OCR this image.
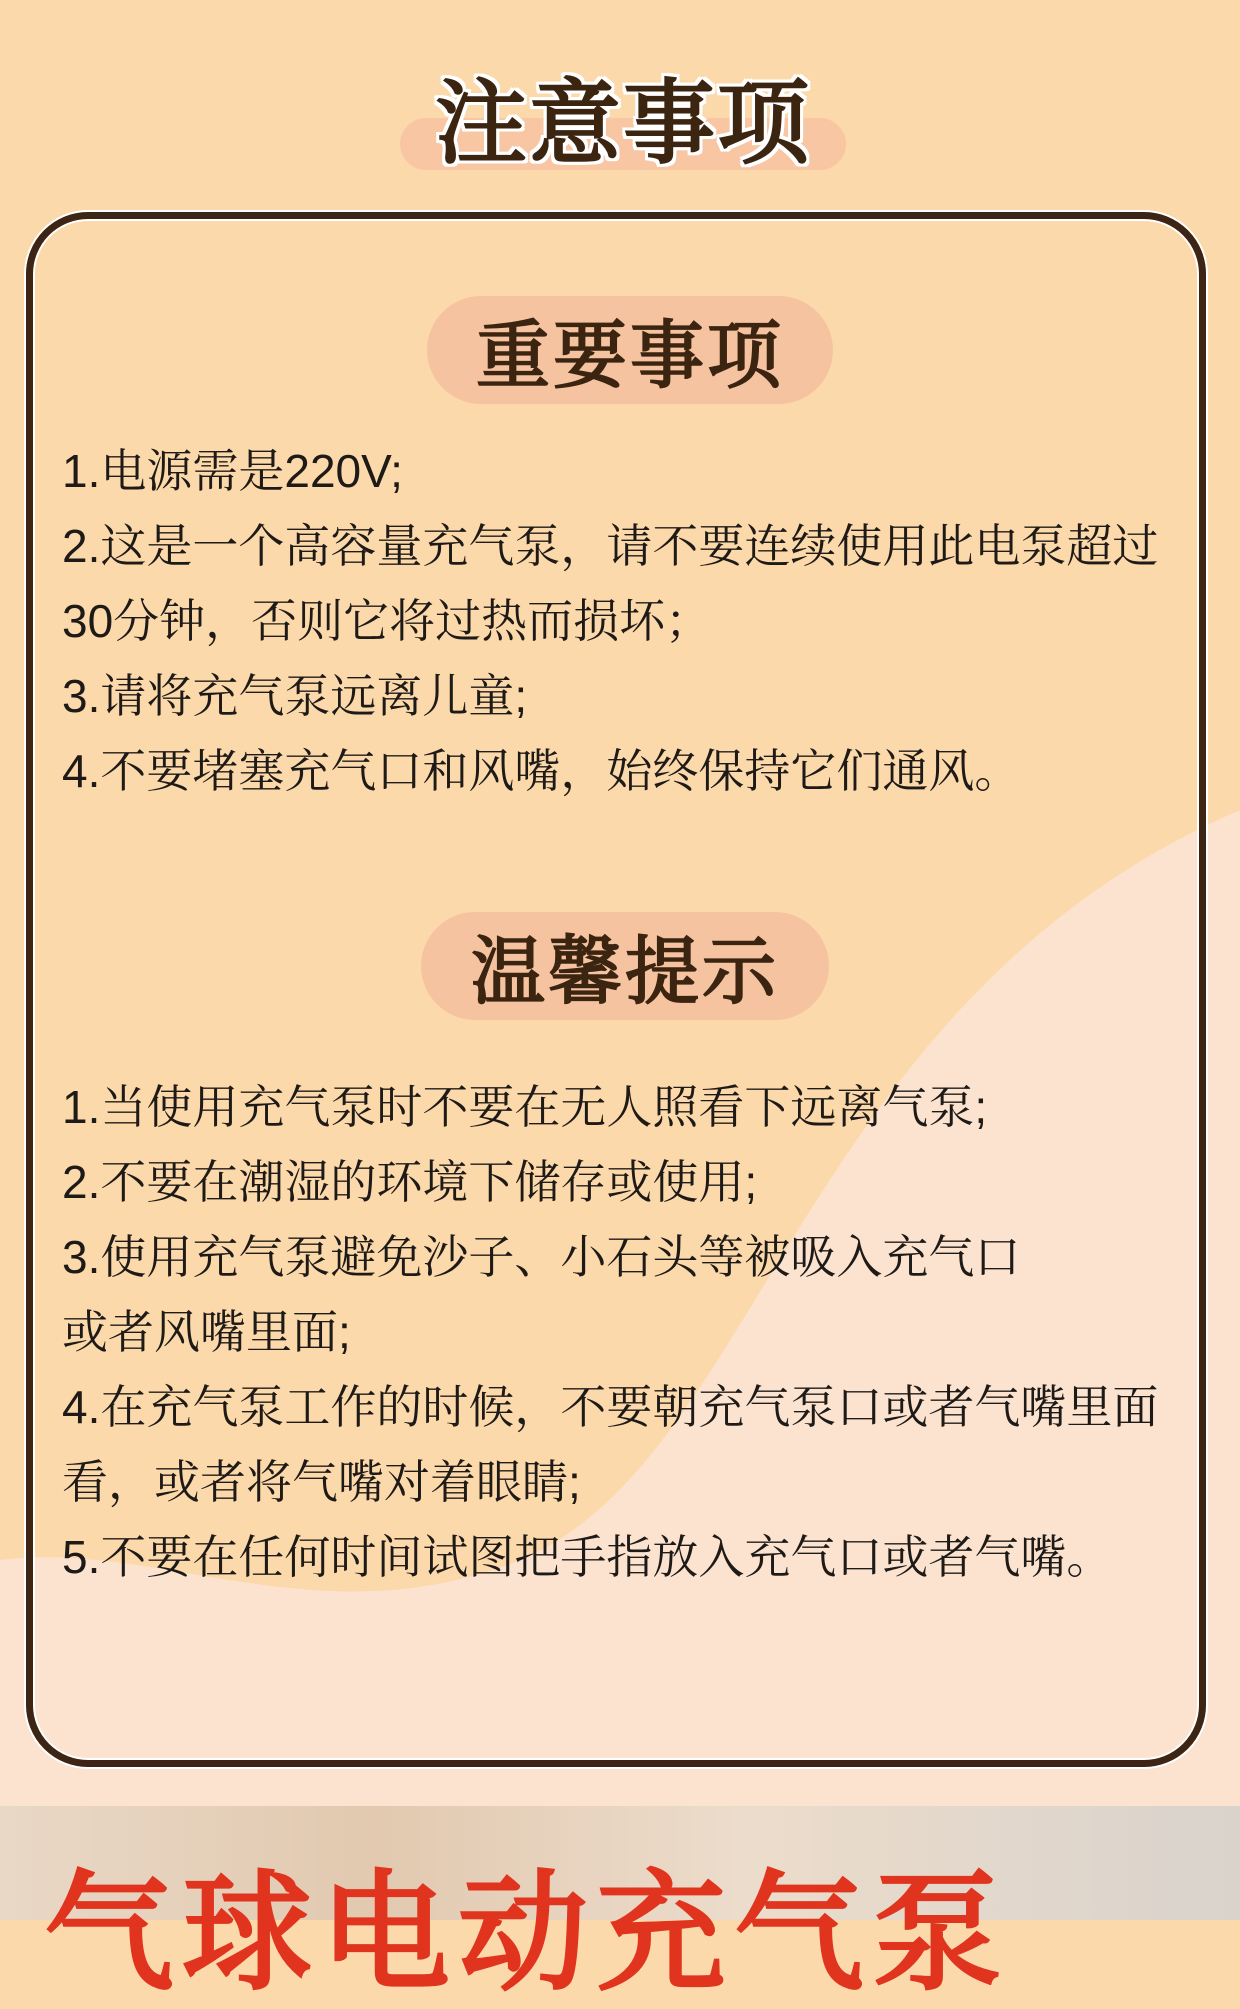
注意事项
重要事项

1.电源需是220V;

2.这是一个高容量充气泵，请不要连续使用此电泵超过

30分钟，否则它将过热而损坏；

3.请将充气泵远离儿童;

4.不要堵塞充气口和风嘴，始终保持它们通风。

温馨提示

1.当使用充气泵时不要在无人照看下远离气泵;

2.不要在潮湿的环境下储存或使用;

3.使用充气泵避免沙子、小石头等被吸入充气口

或者风嘴里面;

4.在充气泵工作的时候，不要朝充气泵口或者气嘴里面

看，或者将气嘴对着眼睛;

5.不要在任何时间试图把手指放入充气口或者气嘴。

气球电动充气泵
